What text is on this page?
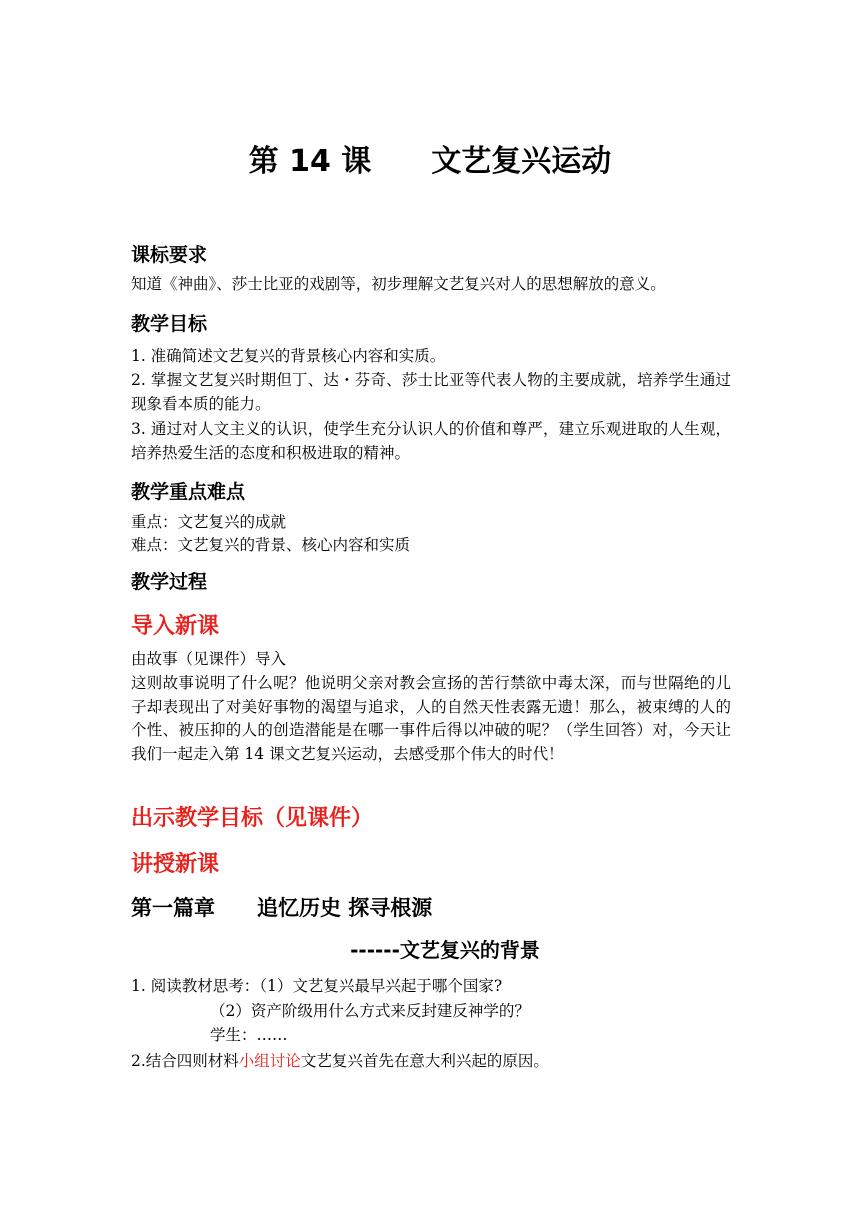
第 14 课　　文艺复兴运动
课标要求
知道《神曲》、莎士比亚的戏剧等，初步理解文艺复兴对人的思想解放的意义。
教学目标
1. 准确简述文艺复兴的背景核心内容和实质。
2. 掌握文艺复兴时期但丁、达・芬奇、莎士比亚等代表人物的主要成就，培养学生通过现象看本质的能力。
3. 通过对人文主义的认识，使学生充分认识人的价值和尊严，建立乐观进取的人生观，培养热爱生活的态度和积极进取的精神。
教学重点难点
重点：文艺复兴的成就
难点：文艺复兴的背景、核心内容和实质
教学过程
导入新课
由故事（见课件）导入
这则故事说明了什么呢？他说明父亲对教会宣扬的苦行禁欲中毒太深，而与世隔绝的儿子却表现出了对美好事物的渴望与追求，人的自然天性表露无遗！那么，被束缚的人的个性、被压抑的人的创造潜能是在哪一事件后得以冲破的呢？（学生回答）对，今天让我们一起走入第 14 课文艺复兴运动，去感受那个伟大的时代！
出示教学目标（见课件）
讲授新课
第一篇章　　追忆历史 探寻根源
------文艺复兴的背景
1. 阅读教材思考：（1）文艺复兴最早兴起于哪个国家?
（2）资产阶级用什么方式来反封建反神学的？
学生：……
2.结合四则材料小组讨论文艺复兴首先在意大利兴起的原因。
